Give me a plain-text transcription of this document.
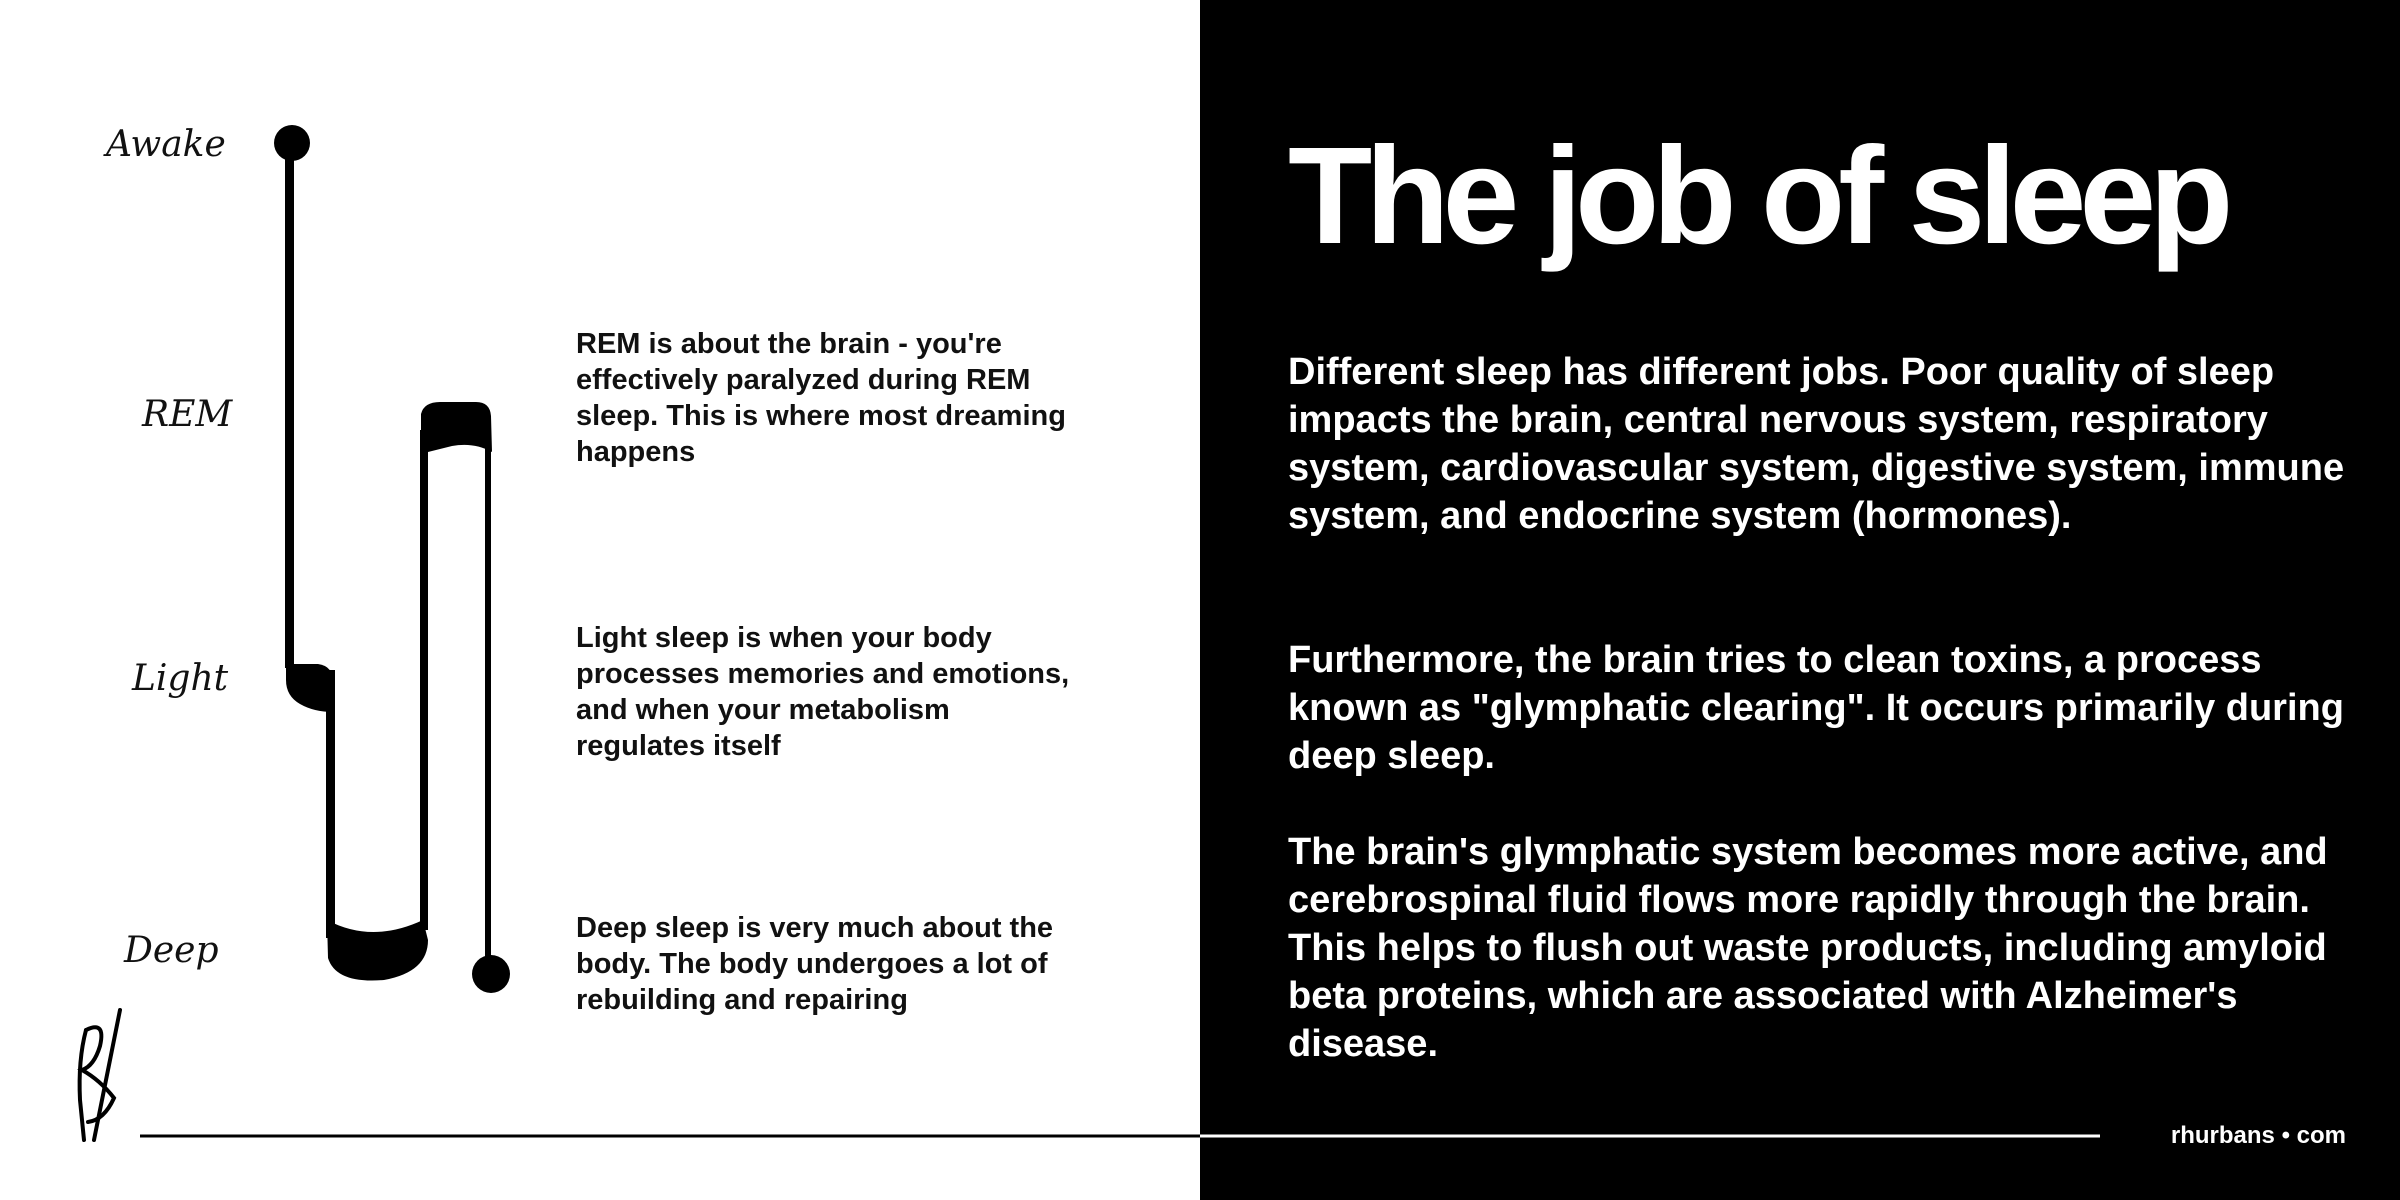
Awake
REM
Light
Deep

REM is about the brain - you're effectively paralyzed during REM sleep. This is where most dreaming happens

Light sleep is when your body processes memories and emotions, and when your metabolism regulates itself

Deep sleep is very much about the body. The body undergoes a lot of rebuilding and repairing

The job of sleep

Different sleep has different jobs. Poor quality of sleep impacts the brain, central nervous system, respiratory system, cardiovascular system, digestive system, immune system, and endocrine system (hormones).

Furthermore, the brain tries to clean toxins, a process known as "glymphatic clearing". It occurs primarily during deep sleep.

The brain's glymphatic system becomes more active, and cerebrospinal fluid flows more rapidly through the brain. This helps to flush out waste products, including amyloid beta proteins, which are associated with Alzheimer's disease.

rhurbans • com
